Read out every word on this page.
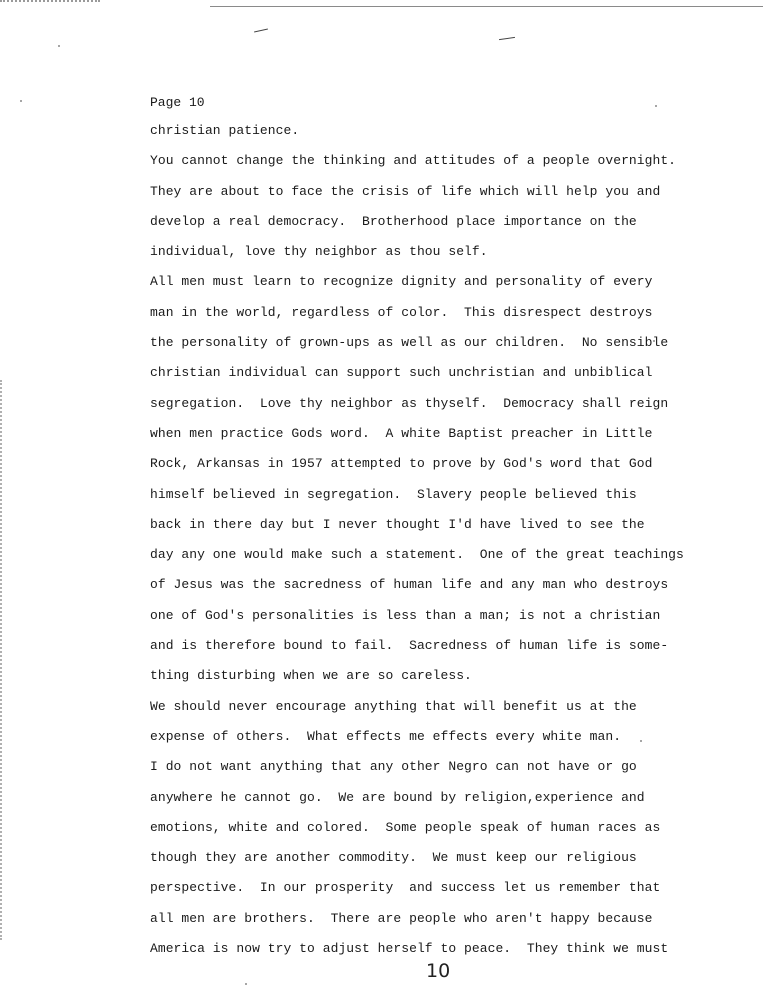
Page 10
christian patience.
You cannot change the thinking and attitudes of a people overnight.
They are about to face the crisis of life which will help you and
develop a real democracy.  Brotherhood place importance on the
individual, love thy neighbor as thou self.
All men must learn to recognize dignity and personality of every
man in the world, regardless of color.  This disrespect destroys
the personality of grown-ups as well as our children.  No sensible
christian individual can support such unchristian and unbiblical
segregation.  Love thy neighbor as thyself.  Democracy shall reign
when men practice Gods word.  A white Baptist preacher in Little
Rock, Arkansas in 1957 attempted to prove by God's word that God
himself believed in segregation.  Slavery people believed this
back in there day but I never thought I'd have lived to see the
day any one would make such a statement.  One of the great teachings
of Jesus was the sacredness of human life and any man who destroys
one of God's personalities is less than a man; is not a christian
and is therefore bound to fail.  Sacredness of human life is some-
thing disturbing when we are so careless.
We should never encourage anything that will benefit us at the
expense of others.  What effects me effects every white man.
I do not want anything that any other Negro can not have or go
anywhere he cannot go.  We are bound by religion,experience and
emotions, white and colored.  Some people speak of human races as
though they are another commodity.  We must keep our religious
perspective.  In our prosperity  and success let us remember that
all men are brothers.  There are people who aren't happy because
America is now try to adjust herself to peace.  They think we must
10
